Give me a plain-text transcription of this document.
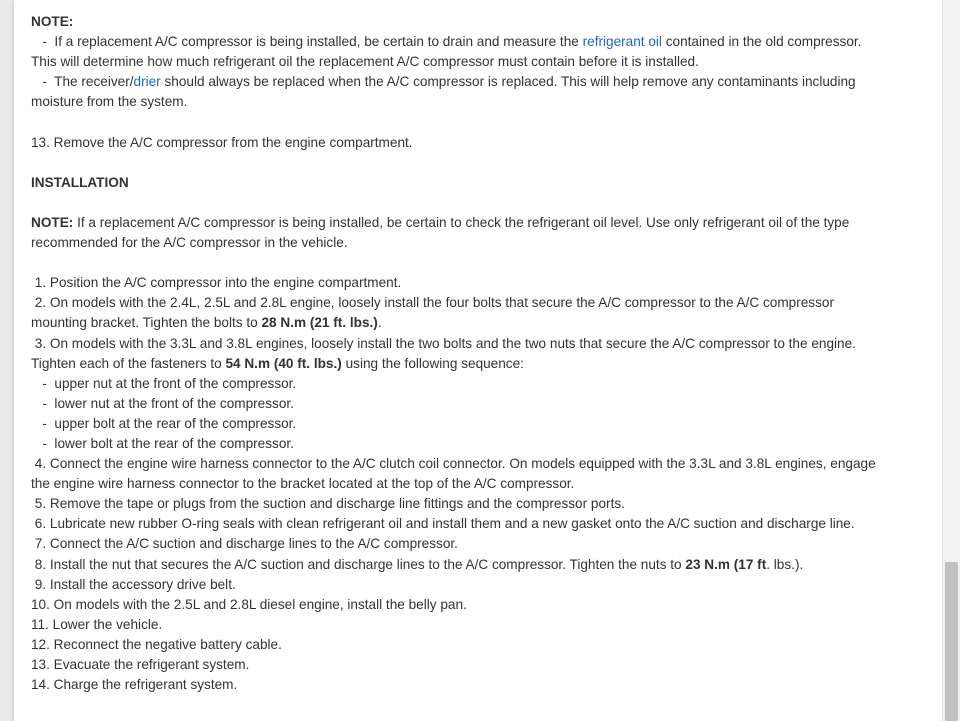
NOTE:
-  If a replacement A/C compressor is being installed, be certain to drain and measure the refrigerant oil contained in the old compressor.
This will determine how much refrigerant oil the replacement A/C compressor must contain before it is installed.
-  The receiver/drier should always be replaced when the A/C compressor is replaced. This will help remove any contaminants including
moisture from the system.
13. Remove the A/C compressor from the engine compartment.
INSTALLATION
NOTE: If a replacement A/C compressor is being installed, be certain to check the refrigerant oil level. Use only refrigerant oil of the type
recommended for the A/C compressor in the vehicle.
1. Position the A/C compressor into the engine compartment.
2. On models with the 2.4L, 2.5L and 2.8L engine, loosely install the four bolts that secure the A/C compressor to the A/C compressor
mounting bracket. Tighten the bolts to 28 N.m (21 ft. lbs.).
3. On models with the 3.3L and 3.8L engines, loosely install the two bolts and the two nuts that secure the A/C compressor to the engine.
Tighten each of the fasteners to 54 N.m (40 ft. lbs.) using the following sequence:
-  upper nut at the front of the compressor.
-  lower nut at the front of the compressor.
-  upper bolt at the rear of the compressor.
-  lower bolt at the rear of the compressor.
4. Connect the engine wire harness connector to the A/C clutch coil connector. On models equipped with the 3.3L and 3.8L engines, engage
the engine wire harness connector to the bracket located at the top of the A/C compressor.
5. Remove the tape or plugs from the suction and discharge line fittings and the compressor ports.
6. Lubricate new rubber O-ring seals with clean refrigerant oil and install them and a new gasket onto the A/C suction and discharge line.
7. Connect the A/C suction and discharge lines to the A/C compressor.
8. Install the nut that secures the A/C suction and discharge lines to the A/C compressor. Tighten the nuts to 23 N.m (17 ft. lbs.).
9. Install the accessory drive belt.
10. On models with the 2.5L and 2.8L diesel engine, install the belly pan.
11. Lower the vehicle.
12. Reconnect the negative battery cable.
13. Evacuate the refrigerant system.
14. Charge the refrigerant system.
